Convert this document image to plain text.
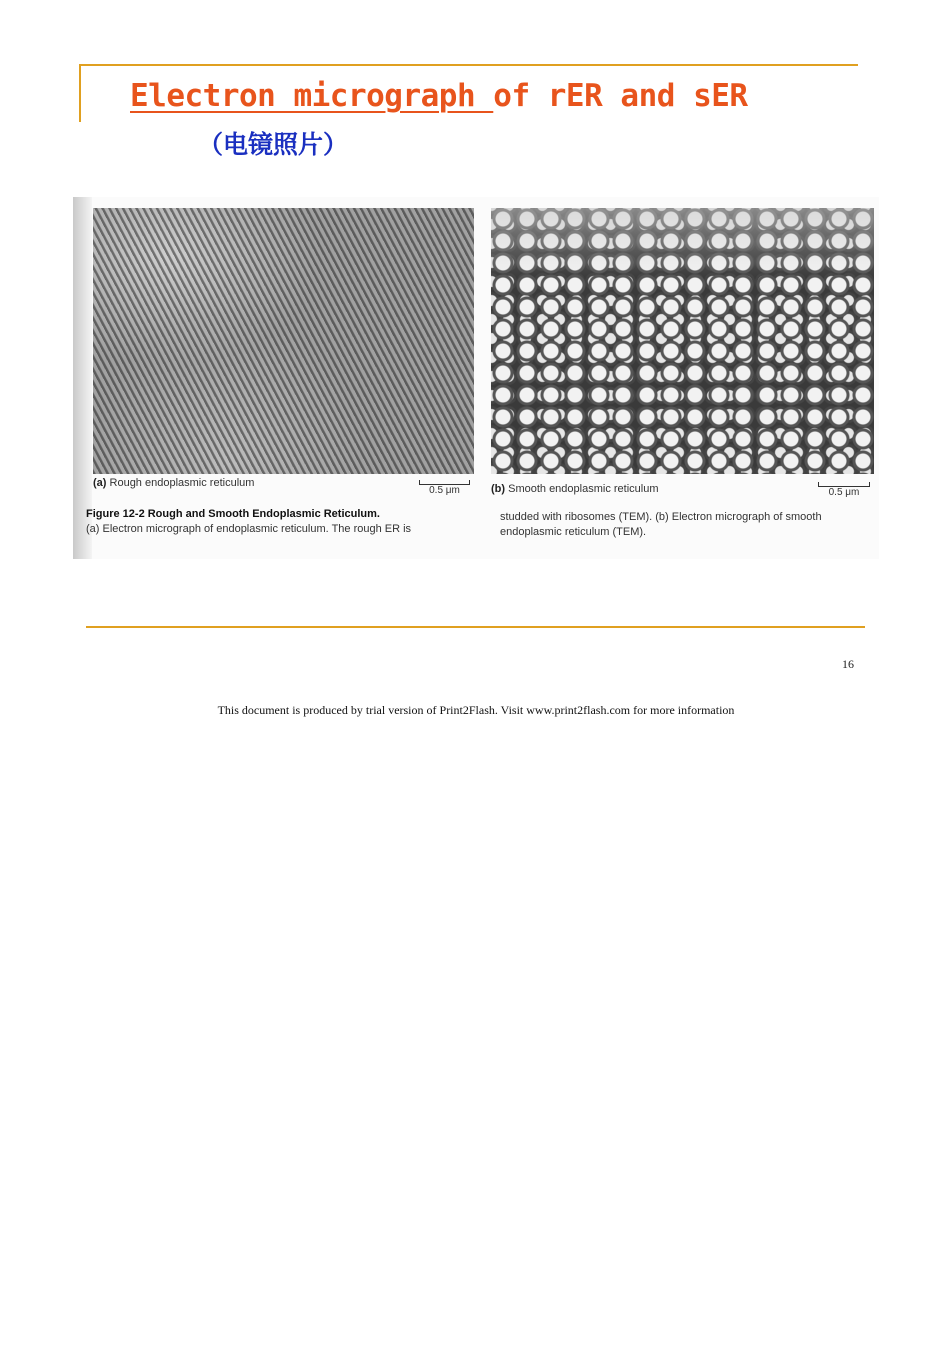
Electron micrograph of rER and sER
（电镜照片）
(a) Rough endoplasmic reticulum
0.5 μm	(b) Smooth endoplasmic reticulum	0.5 μm
Figure 12-2 Rough and Smooth Endoplasmic Reticulum.
(a) Electron micrograph of endoplasmic reticulum. The rough ER is
studded with ribosomes (TEM). (b) Electron micrograph of smooth
endoplasmic reticulum (TEM).
16
This document is produced by trial version of Print2Flash. Visit www.print2flash.com for more information
